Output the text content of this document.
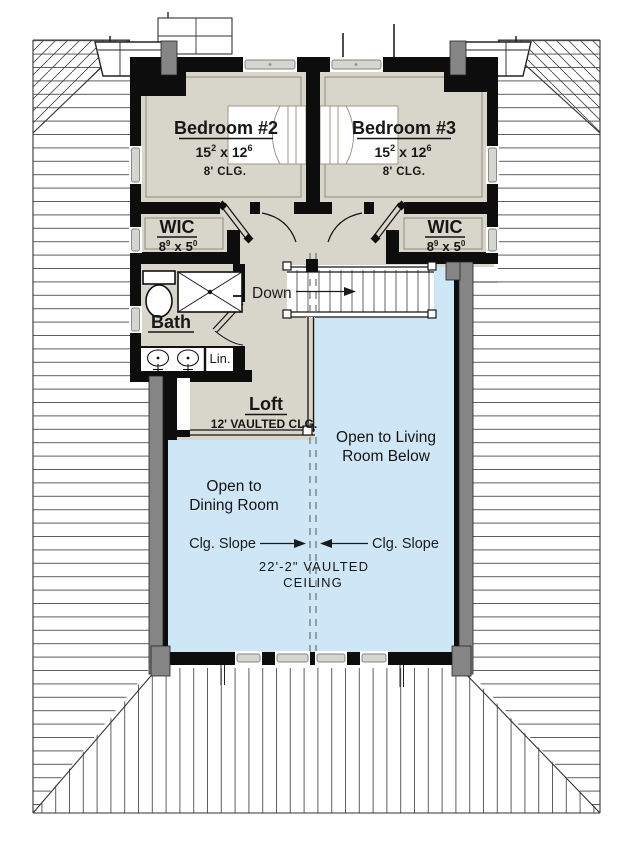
Bedroom #2
$15^2$ x $12^6$
8' CLG.
Bedroom #3
$15^2$ x $12^6$
8' CLG.
WIC
$8^9$ x $5^0$
WIC
$8^9$ x $5^0$
Bath
Lin.
Down
Loft
12' VAULTED CLG.
Open to Living
Room Below
Open to
Dining Room
Clg. Slope	Clg. Slope
22'-2" VAULTED
CEILING
